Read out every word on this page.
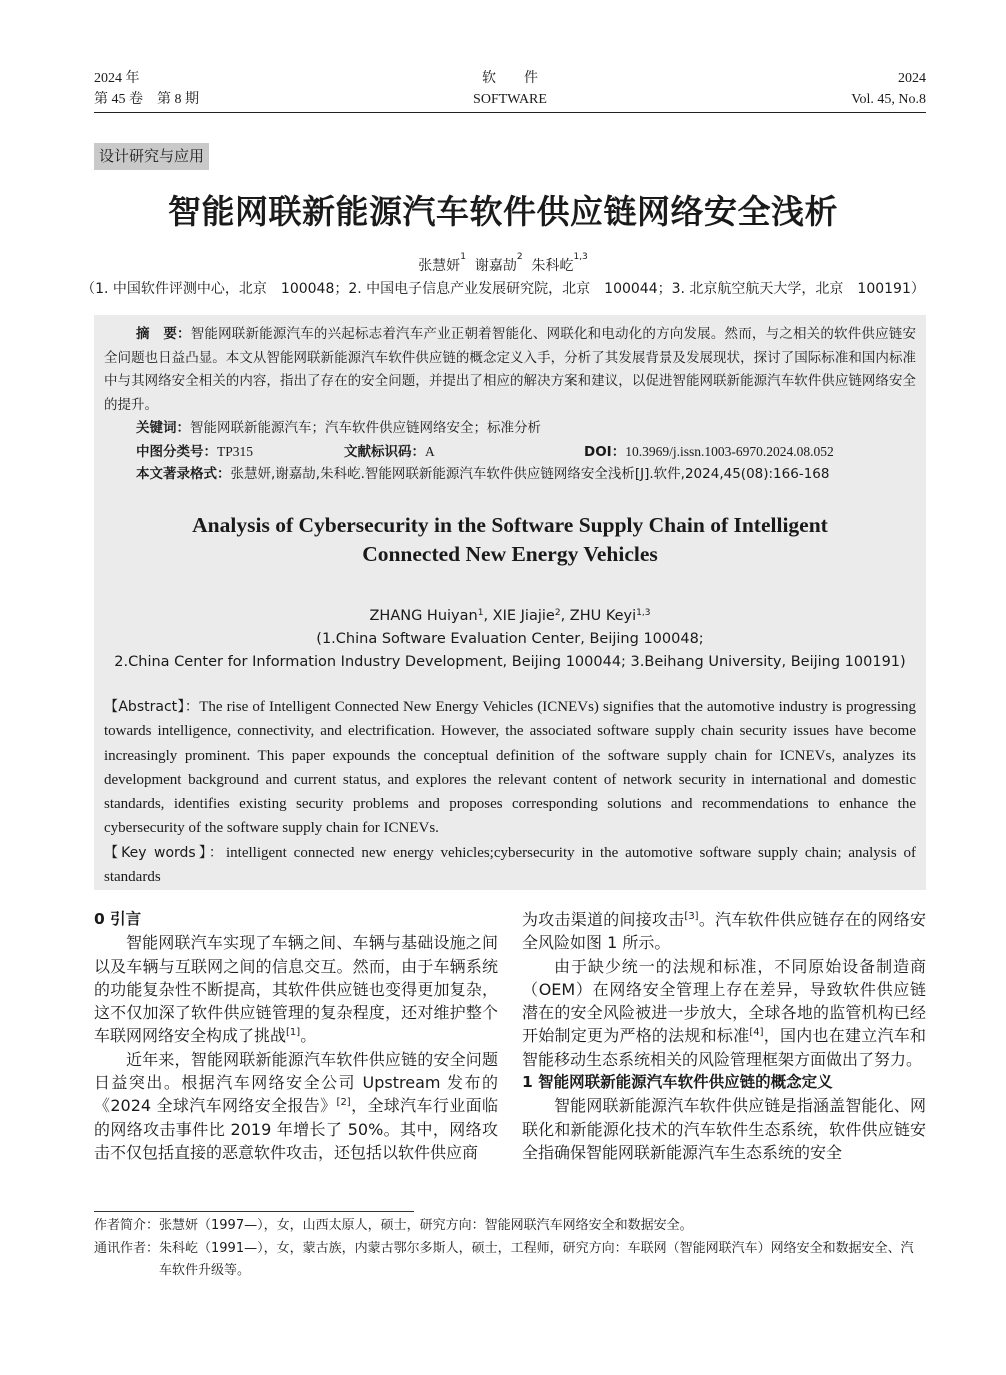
2024 年
第 45 卷　第 8 期
软　　件
SOFTWARE
2024
Vol. 45, No.8
设计研究与应用
智能网联新能源汽车软件供应链网络安全浅析
张慧妍$^1$  谢嘉劼$^2$  朱科屹$^{1,3}$
（1. 中国软件评测中心，北京　100048；2. 中国电子信息产业发展研究院，北京　100044；3. 北京航空航天大学，北京　100191）

摘　要：智能网联新能源汽车的兴起标志着汽车产业正朝着智能化、网联化和电动化的方向发展。然而，与之相关的软件供应链安全问题也日益凸显。本文从智能网联新能源汽车软件供应链的概念定义入手，分析了其发展背景及发展现状，探讨了国际标准和国内标准中与其网络安全相关的内容，指出了存在的安全问题，并提出了相应的解决方案和建议，以促进智能网联新能源汽车软件供应链网络安全的提升。

关键词：智能网联新能源汽车；汽车软件供应链网络安全；标准分析
中图分类号：TP315	文献标识码：A	DOI：10.3969/j.issn.1003-6970.2024.08.052
本文著录格式：张慧妍,谢嘉劼,朱科屹.智能网联新能源汽车软件供应链网络安全浅析[J].软件,2024,45(08):166-168
Analysis of Cybersecurity in the Software Supply Chain of Intelligent
Connected New Energy Vehicles
ZHANG Huiyan$^1$, XIE Jiajie$^2$, ZHU Keyi$^{1,3}$
(1.China Software Evaluation Center, Beijing 100048;
2.China Center for Information Industry Development, Beijing 100044; 3.Beihang University, Beijing 100191)

【Abstract】：The rise of Intelligent Connected New Energy Vehicles (ICNEVs) signifies that the automotive industry is progressing towards intelligence, connectivity, and electrification. However, the associated software supply chain security issues have become increasingly prominent. This paper expounds the conceptual definition of the software supply chain for ICNEVs, analyzes its development background and current status, and explores the relevant content of network security in international and domestic standards, identifies existing security problems and proposes corresponding solutions and recommendations to enhance the cybersecurity of the software supply chain for ICNEVs.

【Key words】：intelligent connected new energy vehicles;cybersecurity in the automotive software supply chain; analysis of standards

0 引言

智能网联汽车实现了车辆之间、车辆与基础设施之间以及车辆与互联网之间的信息交互。然而，由于车辆系统的功能复杂性不断提高，其软件供应链也变得更加复杂，这不仅加深了软件供应链管理的复杂程度，还对维护整个车联网网络安全构成了挑战[1]。

近年来，智能网联新能源汽车软件供应链的安全问题日益突出。根据汽车网络安全公司 Upstream 发布的《2024 全球汽车网络安全报告》[2]，全球汽车行业面临的网络攻击事件比 2019 年增长了 50%。其中，网络攻击不仅包括直接的恶意软件攻击，还包括以软件供应商

为攻击渠道的间接攻击[3]。汽车软件供应链存在的网络安全风险如图 1 所示。

由于缺少统一的法规和标准，不同原始设备制造商（OEM）在网络安全管理上存在差异，导致软件供应链潜在的安全风险被进一步放大，全球各地的监管机构已经开始制定更为严格的法规和标准[4]，国内也在建立汽车和智能移动生态系统相关的风险管理框架方面做出了努力。

1 智能网联新能源汽车软件供应链的概念定义

智能网联新能源汽车软件供应链是指涵盖智能化、网联化和新能源化技术的汽车软件生态系统，软件供应链安全指确保智能网联新能源汽车生态系统的安全

作者简介： 张慧妍（1997—），女，山西太原人，硕士，研究方向：智能网联汽车网络安全和数据安全。
通讯作者： 朱科屹（1991—），女，蒙古族，内蒙古鄂尔多斯人，硕士，工程师，研究方向：车联网（智能网联汽车）网络安全和数据安全、汽车软件升级等。
